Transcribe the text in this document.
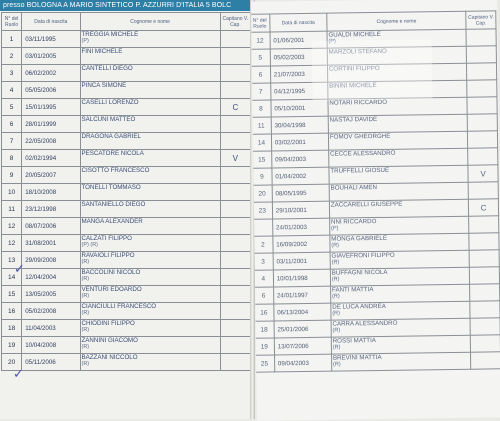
presso BOLOGNA A MARIO SINTETICO P. AZZURRI D'ITALIA 5 BOLC
N° del Ruolo	Data di nascita	Cognome e nome	Capitano V. Cap.
1	03/11/1995	TREGGIA MICHELE
(P)	

2	03/01/2005	FINI MICHELE

3	06/02/2002	CANTELLI DIEGO

4	05/05/2006	PINCA SIMONE

5	15/01/1995	CASELLI LORENZO	C
6	28/01/1999	SALCUNI MATTEO

7	22/05/2008	DRAGONA GABRIEL

8	02/02/1994	PESCATORE NICOLA	V
9	20/05/2007	CISOTTO FRANCESCO

10	18/10/2008	TONELLI TOMMASO

11	23/12/1998	SANTANIELLO DIEGO

12	08/07/2006	MANGA ALEXANDER

12	31/08/2001	CALZATI FILIPPO
(P) (R)	

13	29/09/2008	RAVAIOLI FILIPPO
(R)	

14	12/04/2004	BACCOLINI NICOLO
(R)	

15	13/05/2005	VENTURI EDOARDO
(R)	

16	05/02/2008	CIANCIULLI FRANCESCO
(R)	

18	11/04/2003	CHIODINI FILIPPO
(R)	

19	10/04/2008	ZANNINI GIACOMO
(R)	

20	05/11/2006	BAZZANI NICCOLO
(R)	

✓
✓
N° del Ruolo	Data di nascita	Cognome e nome	Capitano V. Cap.
12	01/06/2001	GUALDI MICHELE
(P)	

5	05/02/2003	MARZOLI STEFANO

6	21/07/2003	CORTINI FILIPPO

7	04/12/1995	BININI MICHELE

8	05/10/2001	NOTARI RICCARDO

11	30/04/1998	NASTAJ DAVIDE

14	03/02/2001	FOMOV GHEORGHE

15	09/04/2003	CECCE ALESSANDRO

9	01/04/2002	TRUFFELLI GIOSUE	V
20	08/05/1995	BOUHALI AMEN

23	29/10/2001	ZACCARELLI GIUSEPPE	C
	24/01/2003	NNI RICCARDO
(P)	

2	16/09/2002	MONGA GABRIELE
(R)	

3	03/11/2001	GIAVEFRONI FILIPPO
(R)	

4	10/01/1998	BUFFAGNI NICOLA
(R)	

6	24/01/1997	FANTI MATTIA
(R)	

16	06/13/2004	DE LUCA ANDREA
(R)	

18	25/01/2006	CARRA ALESSANDRO
(R)	

19	13/07/2006	ROSSI MATTIA
(R)	

25	09/04/2003	BREVINI MATTIA
(R)	
